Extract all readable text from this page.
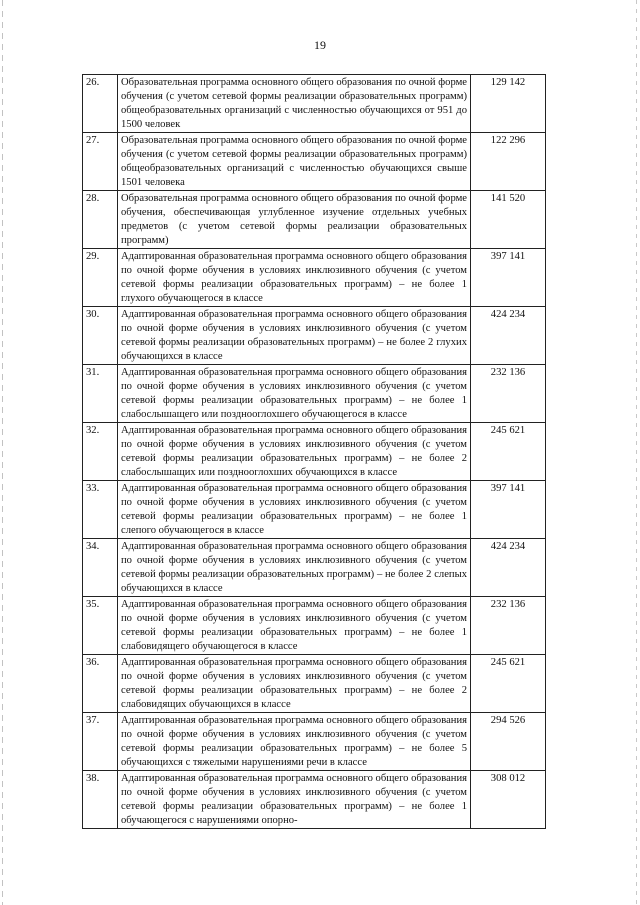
19
26.	Образовательная программа основного общего образования по очной форме обучения (с учетом сетевой формы реализации образовательных программ) общеобразовательных организаций с численностью обучающихся от 951 до 1500 человек	129 142
27.	Образовательная программа основного общего образования по очной форме обучения (с учетом сетевой формы реализации образовательных программ) общеобразовательных организаций с численностью обучающихся свыше 1501 человека	122 296
28.	Образовательная программа основного общего образования по очной форме обучения, обеспечивающая углубленное изучение отдельных учебных предметов (с учетом сетевой формы реализации образовательных программ)	141 520
29.	Адаптированная образовательная программа основного общего образования по очной форме обучения в условиях инклюзивного обучения (с учетом сетевой формы реализации образовательных программ) – не более 1 глухого обучающегося в классе	397 141
30.	Адаптированная образовательная программа основного общего образования по очной форме обучения в условиях инклюзивного обучения (с учетом сетевой формы реализации образовательных программ) – не более 2 глухих обучающихся в классе	424 234
31.	Адаптированная образовательная программа основного общего образования по очной форме обучения в условиях инклюзивного обучения (с учетом сетевой формы реализации образовательных программ) – не более 1 слабослышащего или позднооглохшего обучающегося в классе	232 136
32.	Адаптированная образовательная программа основного общего образования по очной форме обучения в условиях инклюзивного обучения (с учетом сетевой формы реализации образовательных программ) – не более 2 слабослышащих или позднооглохших обучающихся в классе	245 621
33.	Адаптированная образовательная программа основного общего образования по очной форме обучения в условиях инклюзивного обучения (с учетом сетевой формы реализации образовательных программ) – не более 1 слепого обучающегося в классе	397 141
34.	Адаптированная образовательная программа основного общего образования по очной форме обучения в условиях инклюзивного обучения (с учетом сетевой формы реализации образовательных программ) – не более 2 слепых обучающихся в классе	424 234
35.	Адаптированная образовательная программа основного общего образования по очной форме обучения в условиях инклюзивного обучения (с учетом сетевой формы реализации образовательных программ) – не более 1 слабовидящего обучающегося в классе	232 136
36.	Адаптированная образовательная программа основного общего образования по очной форме обучения в условиях инклюзивного обучения (с учетом сетевой формы реализации образовательных программ) – не более 2 слабовидящих обучающихся в классе	245 621
37.	Адаптированная образовательная программа основного общего образования по очной форме обучения в условиях инклюзивного обучения (с учетом сетевой формы реализации образовательных программ) – не более 5 обучающихся с тяжелыми нарушениями речи в классе	294 526
38.	Адаптированная образовательная программа основного общего образования по очной форме обучения в условиях инклюзивного обучения (с учетом сетевой формы реализации образовательных программ) – не более 1 обучающегося с нарушениями опорно-	308 012
